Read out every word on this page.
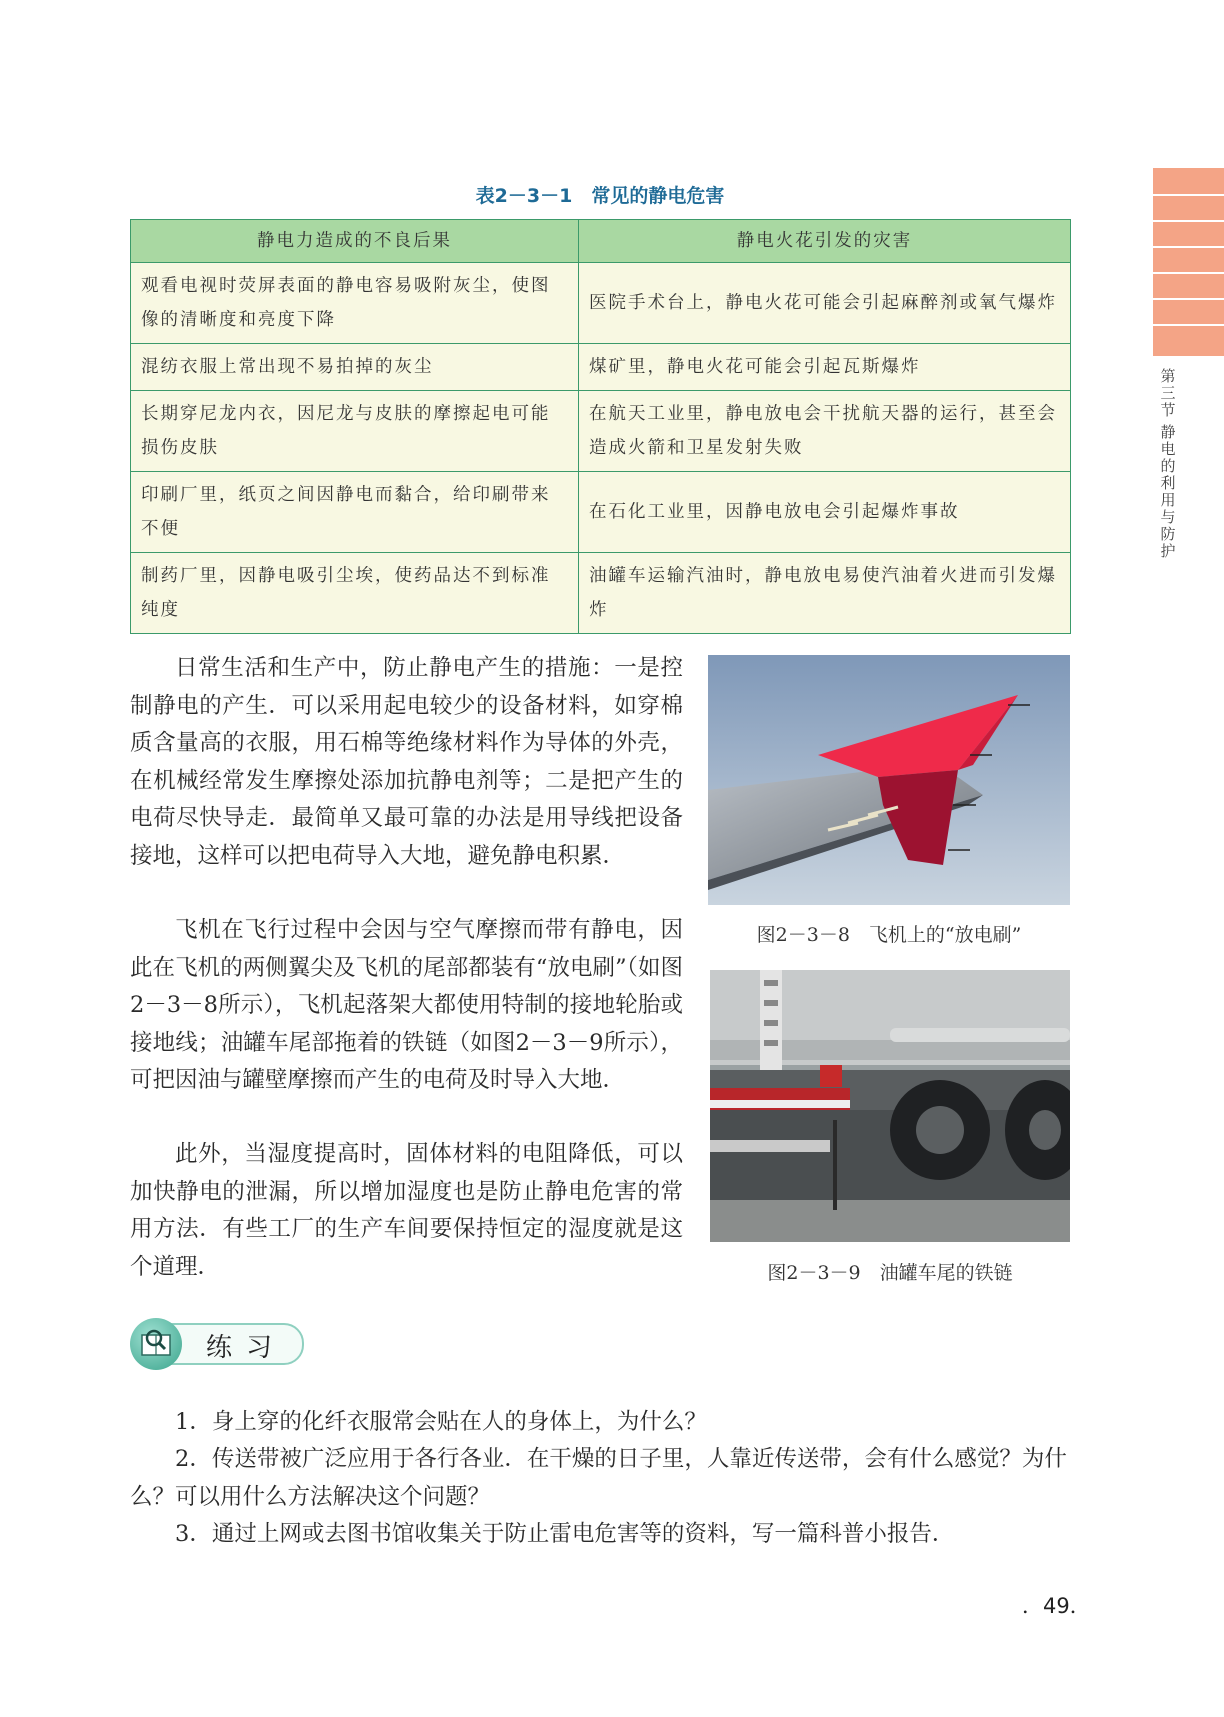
第三节
静电的利用与防护
表2－3－1　常见的静电危害
静电力造成的不良后果	静电火花引发的灾害
观看电视时荧屏表面的静电容易吸附灰尘，使图像的清晰度和亮度下降	医院手术台上，静电火花可能会引起麻醉剂或氧气爆炸
混纺衣服上常出现不易拍掉的灰尘	煤矿里，静电火花可能会引起瓦斯爆炸
长期穿尼龙内衣，因尼龙与皮肤的摩擦起电可能损伤皮肤	在航天工业里，静电放电会干扰航天器的运行，甚至会造成火箭和卫星发射失败
印刷厂里，纸页之间因静电而黏合，给印刷带来不便	在石化工业里，因静电放电会引起爆炸事故
制药厂里，因静电吸引尘埃，使药品达不到标准纯度	油罐车运输汽油时，静电放电易使汽油着火进而引发爆炸

日常生活和生产中，防止静电产生的措施：一是控制静电的产生．可以采用起电较少的设备材料，如穿棉质含量高的衣服，用石棉等绝缘材料作为导体的外壳，在机械经常发生摩擦处添加抗静电剂等；二是把产生的电荷尽快导走．最简单又最可靠的办法是用导线把设备接地，这样可以把电荷导入大地，避免静电积累．

飞机在飞行过程中会因与空气摩擦而带有静电，因此在飞机的两侧翼尖及飞机的尾部都装有“放电刷”（如图2－3－8所示），飞机起落架大都使用特制的接地轮胎或接地线；油罐车尾部拖着的铁链（如图2－3－9所示），可把因油与罐壁摩擦而产生的电荷及时导入大地．

此外，当湿度提高时，固体材料的电阻降低，可以加快静电的泄漏，所以增加湿度也是防止静电危害的常用方法．有些工厂的生产车间要保持恒定的湿度就是这个道理．

图2－3－8　飞机上的“放电刷”
图2－3－9　油罐车尾的铁链
练习

1．身上穿的化纤衣服常会贴在人的身体上，为什么？

2．传送带被广泛应用于各行各业．在干燥的日子里，人靠近传送带，会有什么感觉？为什么？可以用什么方法解决这个问题？

3．通过上网或去图书馆收集关于防止雷电危害等的资料，写一篇科普小报告．

．49．
